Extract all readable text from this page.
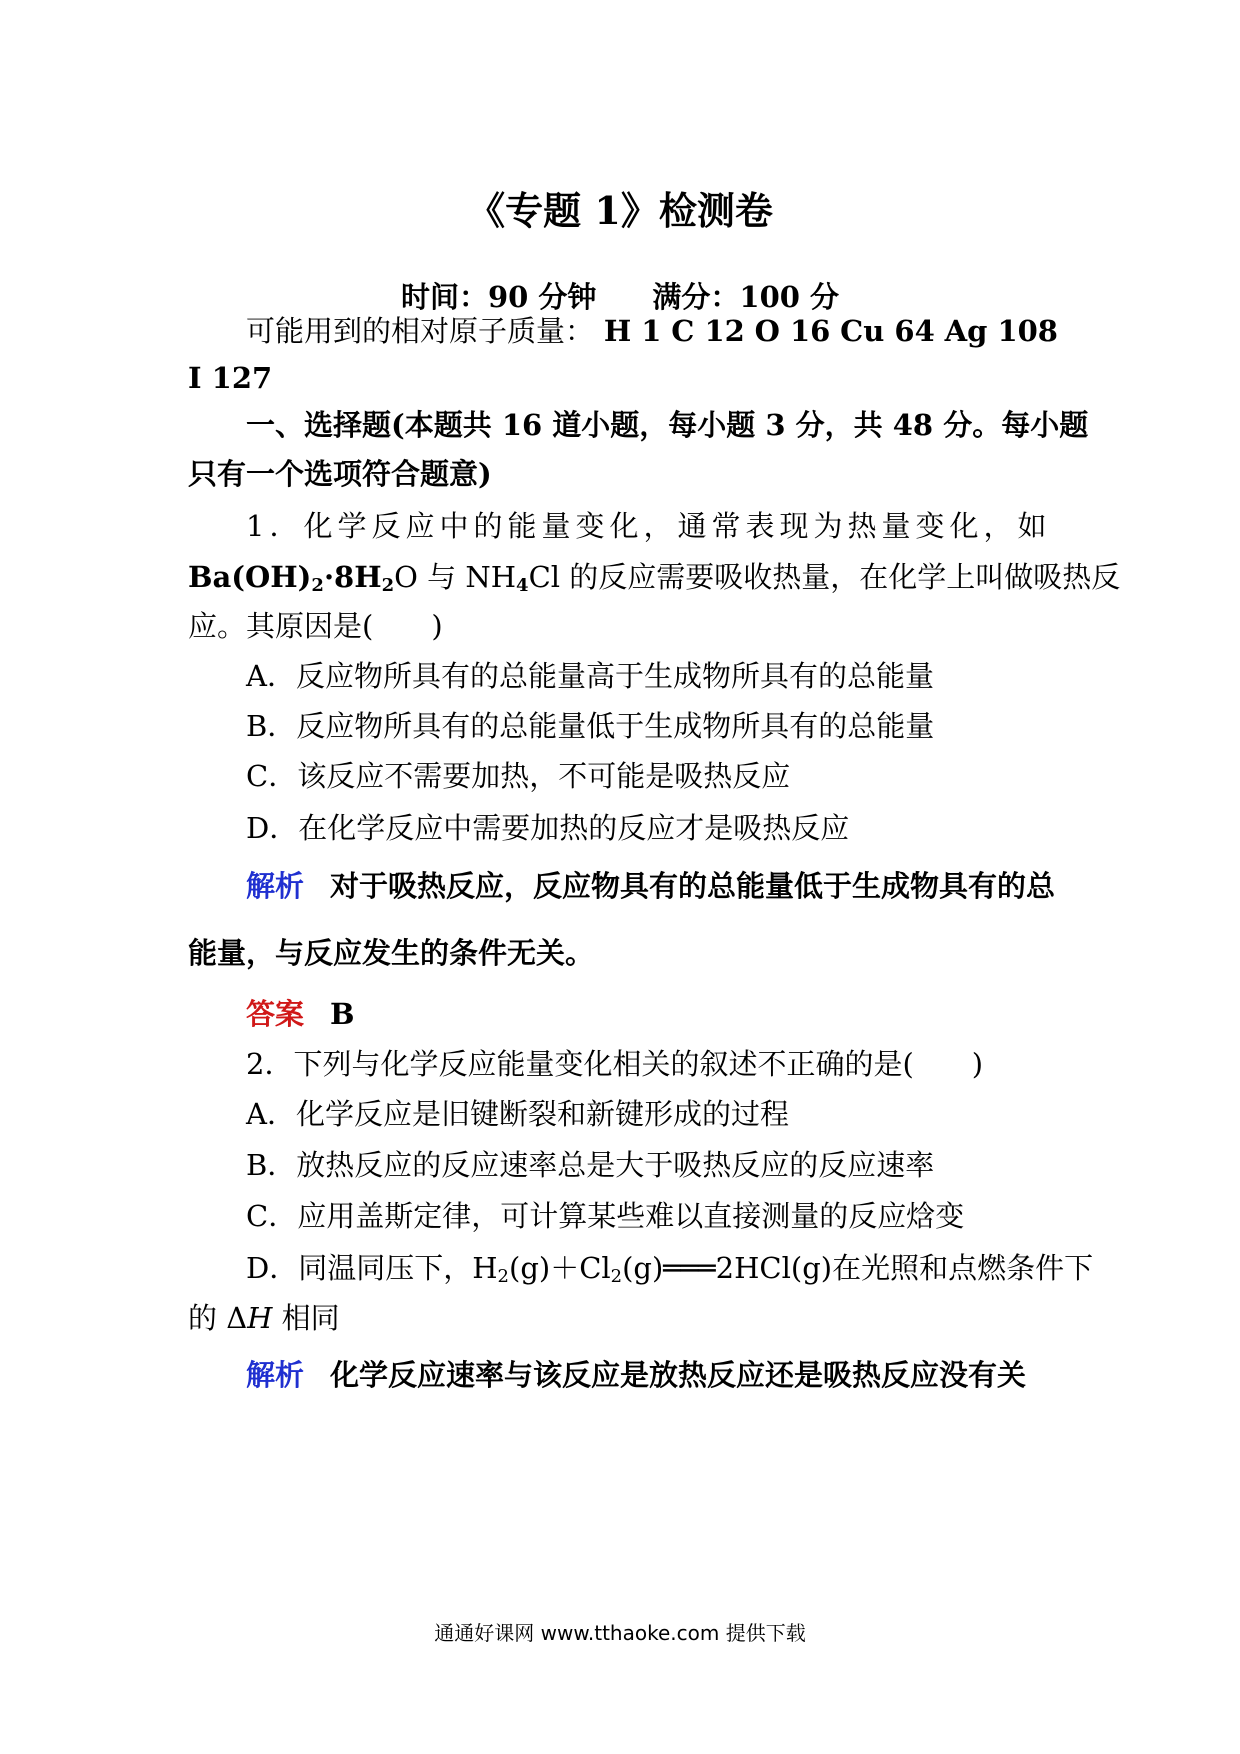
《专题 1》检测卷
时间：90 分钟 满分：100 分
可能用到的相对原子质量： H 1 C 12 O 16 Cu 64 Ag 108
I 127
一、选择题(本题共 16 道小题，每小题 3 分，共 48 分。每小题
只有一个选项符合题意)
1．化学反应中的能量变化，通常表现为热量变化，如
$Ba(OH)_2\cdot 8H_2O$ 与 $NH_4Cl$ 的反应需要吸收热量，在化学上叫做吸热反
应。其原因是(　　)
A．反应物所具有的总能量高于生成物所具有的总能量
B．反应物所具有的总能量低于生成物所具有的总能量
C．该反应不需要加热，不可能是吸热反应
D．在化学反应中需要加热的反应才是吸热反应
解析 对于吸热反应，反应物具有的总能量低于生成物具有的总
能量，与反应发生的条件无关。
答案 B
2．下列与化学反应能量变化相关的叙述不正确的是(　　)
A．化学反应是旧键断裂和新键形成的过程
B．放热反应的反应速率总是大于吸热反应的反应速率
C．应用盖斯定律，可计算某些难以直接测量的反应焓变
D．同温同压下，$H_2(g)+Cl_2(g)═══2HCl(g)$在光照和点燃条件下
的 ΔH 相同
解析 化学反应速率与该反应是放热反应还是吸热反应没有关
通通好课网 www.tthaoke.com 提供下载
